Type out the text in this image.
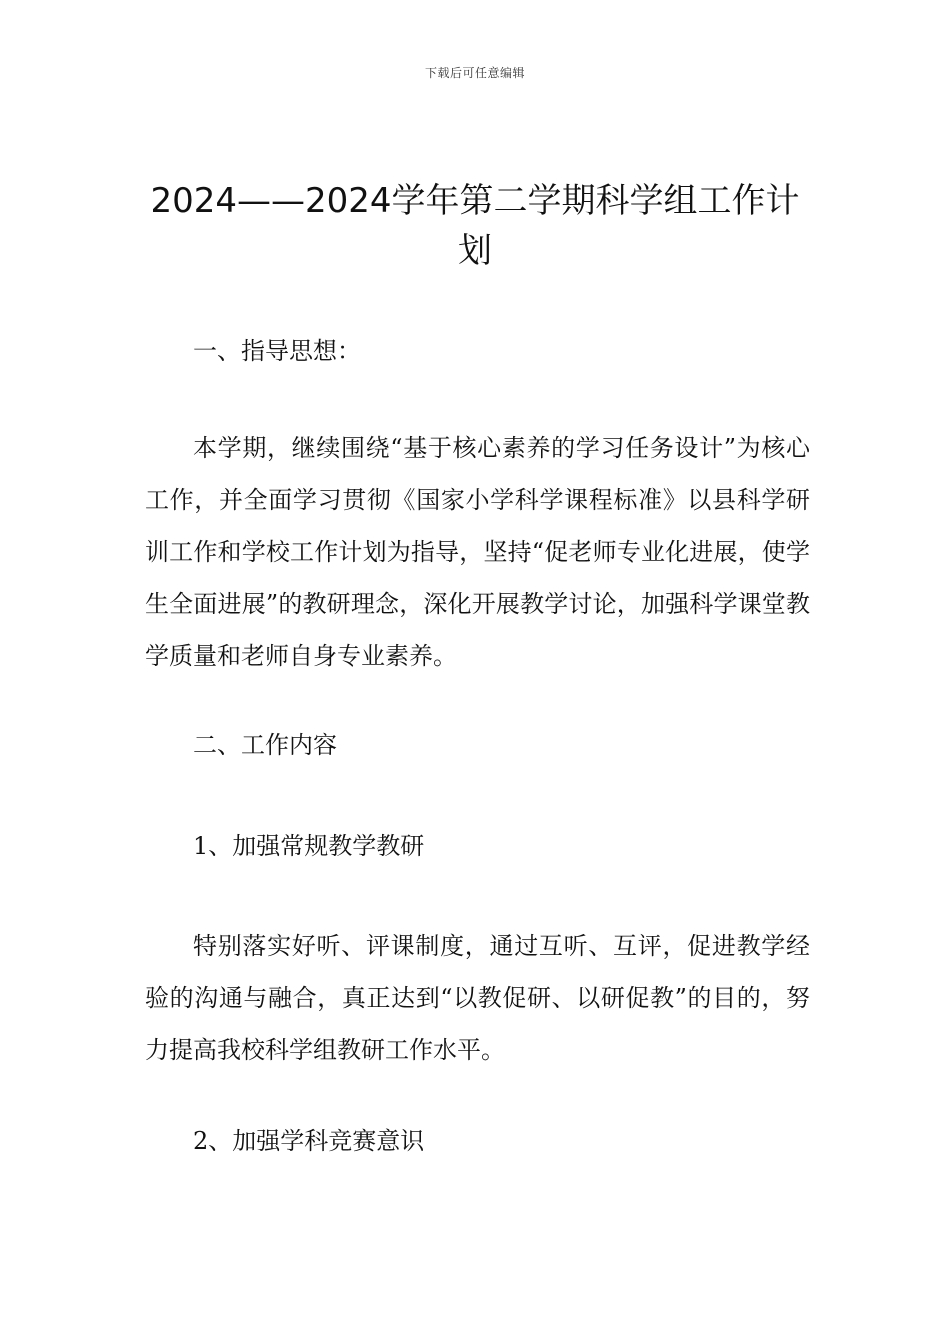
下载后可任意编辑
2024——2024学年第二学期科学组工作计划

一、指导思想：

本学期，继续围绕“基于核心素养的学习任务设计”为核心工作，并全面学习贯彻《国家小学科学课程标准》以县科学研训工作和学校工作计划为指导，坚持“促老师专业化进展，使学生全面进展”的教研理念，深化开展教学讨论，加强科学课堂教学质量和老师自身专业素养。

二、工作内容

1、加强常规教学教研

特别落实好听、评课制度，通过互听、互评，促进教学经验的沟通与融合，真正达到“以教促研、以研促教”的目的，努力提高我校科学组教研工作水平。

2、加强学科竞赛意识
